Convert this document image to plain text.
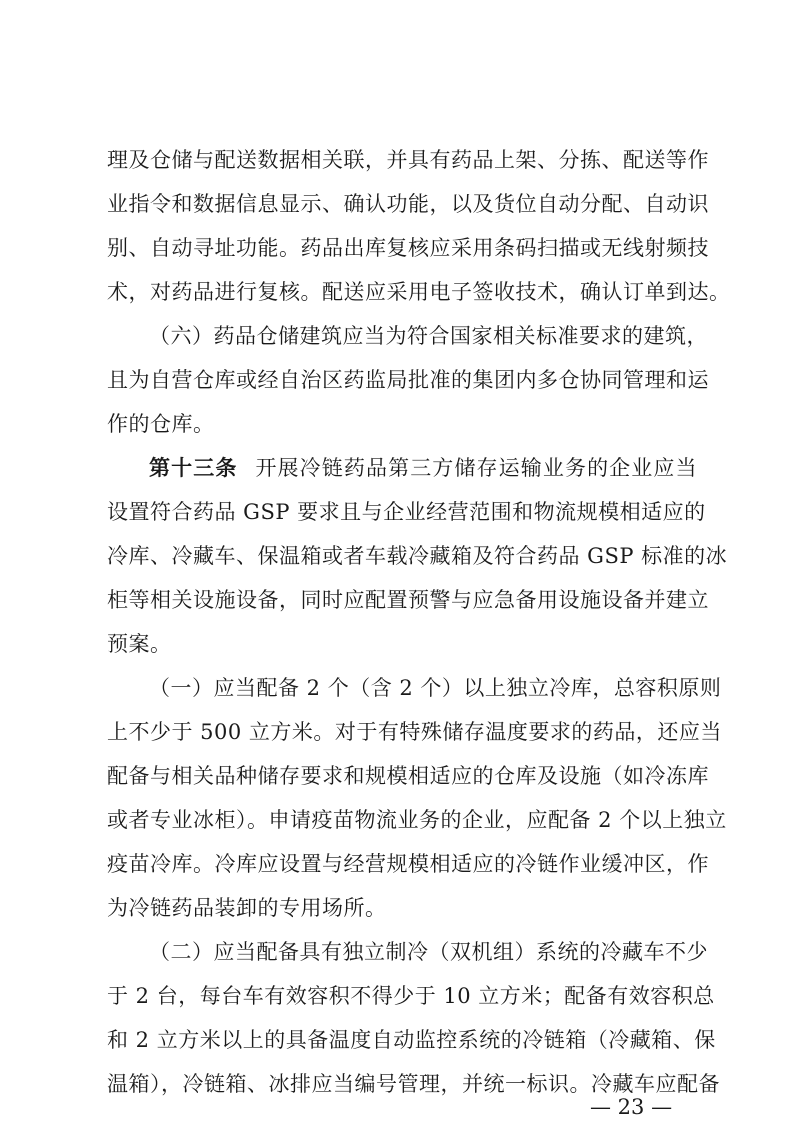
理及仓储与配送数据相关联，并具有药品上架、分拣、配送等作
业指令和数据信息显示、确认功能，以及货位自动分配、自动识
别、自动寻址功能。药品出库复核应采用条码扫描或无线射频技
术，对药品进行复核。配送应采用电子签收技术，确认订单到达。
（六）药品仓储建筑应当为符合国家相关标准要求的建筑，
且为自营仓库或经自治区药监局批准的集团内多仓协同管理和运
作的仓库。
第十三条 开展冷链药品第三方储存运输业务的企业应当
设置符合药品 GSP 要求且与企业经营范围和物流规模相适应的
冷库、冷藏车、保温箱或者车载冷藏箱及符合药品 GSP 标准的冰
柜等相关设施设备，同时应配置预警与应急备用设施设备并建立
预案。
（一）应当配备 2 个（含 2 个）以上独立冷库，总容积原则
上不少于 500 立方米。对于有特殊储存温度要求的药品，还应当
配备与相关品种储存要求和规模相适应的仓库及设施（如冷冻库
或者专业冰柜）。申请疫苗物流业务的企业，应配备 2 个以上独立
疫苗冷库。冷库应设置与经营规模相适应的冷链作业缓冲区，作
为冷链药品装卸的专用场所。
（二）应当配备具有独立制冷（双机组）系统的冷藏车不少
于 2 台，每台车有效容积不得少于 10 立方米；配备有效容积总
和 2 立方米以上的具备温度自动监控系统的冷链箱（冷藏箱、保
温箱），冷链箱、冰排应当编号管理，并统一标识。冷藏车应配备
— 23 —
